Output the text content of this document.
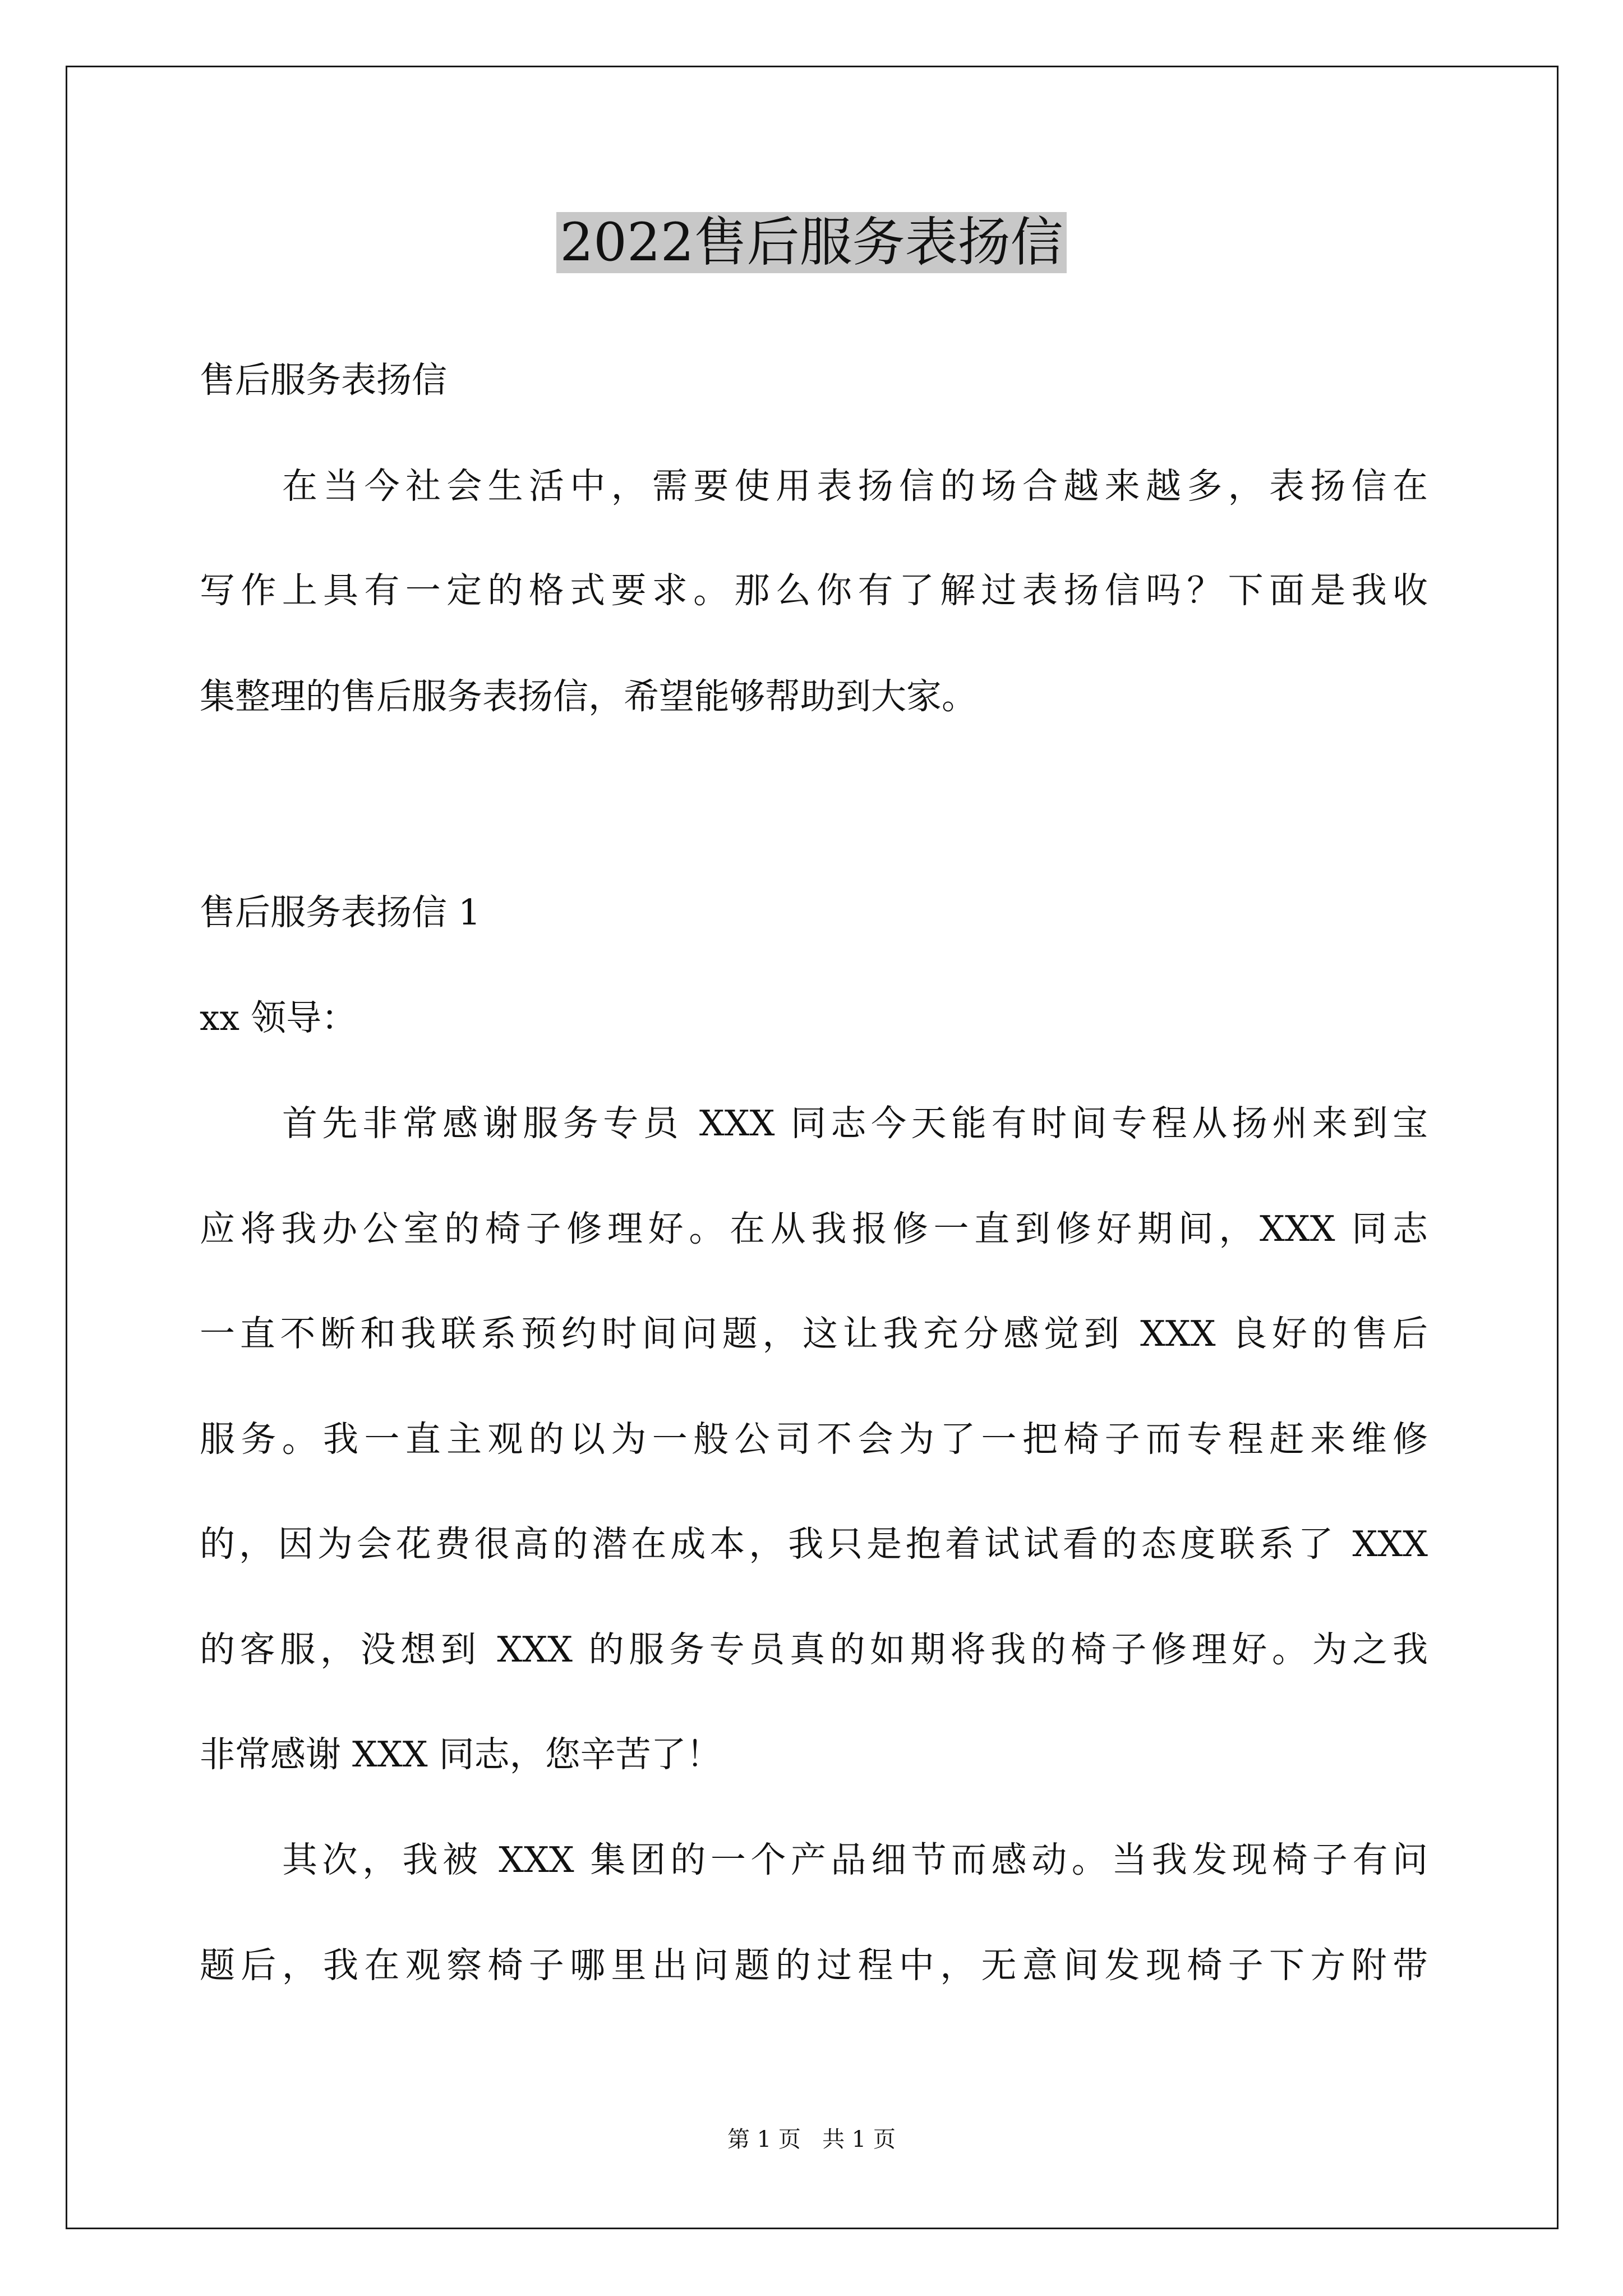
2022售后服务表扬信
售后服务表扬信
在当今社会生活中，需要使用表扬信的场合越来越多，表扬信在
写作上具有一定的格式要求。那么你有了解过表扬信吗？下面是我收
集整理的售后服务表扬信，希望能够帮助到大家。
售后服务表扬信 1
xx 领导：
首先非常感谢服务专员 XXX 同志今天能有时间专程从扬州来到宝
应将我办公室的椅子修理好。在从我报修一直到修好期间，XXX 同志
一直不断和我联系预约时间问题，这让我充分感觉到 XXX 良好的售后
服务。我一直主观的以为一般公司不会为了一把椅子而专程赶来维修
的，因为会花费很高的潜在成本，我只是抱着试试看的态度联系了 XXX
的客服，没想到 XXX 的服务专员真的如期将我的椅子修理好。为之我
非常感谢 XXX 同志，您辛苦了！
其次，我被 XXX 集团的一个产品细节而感动。当我发现椅子有问
题后，我在观察椅子哪里出问题的过程中，无意间发现椅子下方附带
第 1 页   共 1 页
